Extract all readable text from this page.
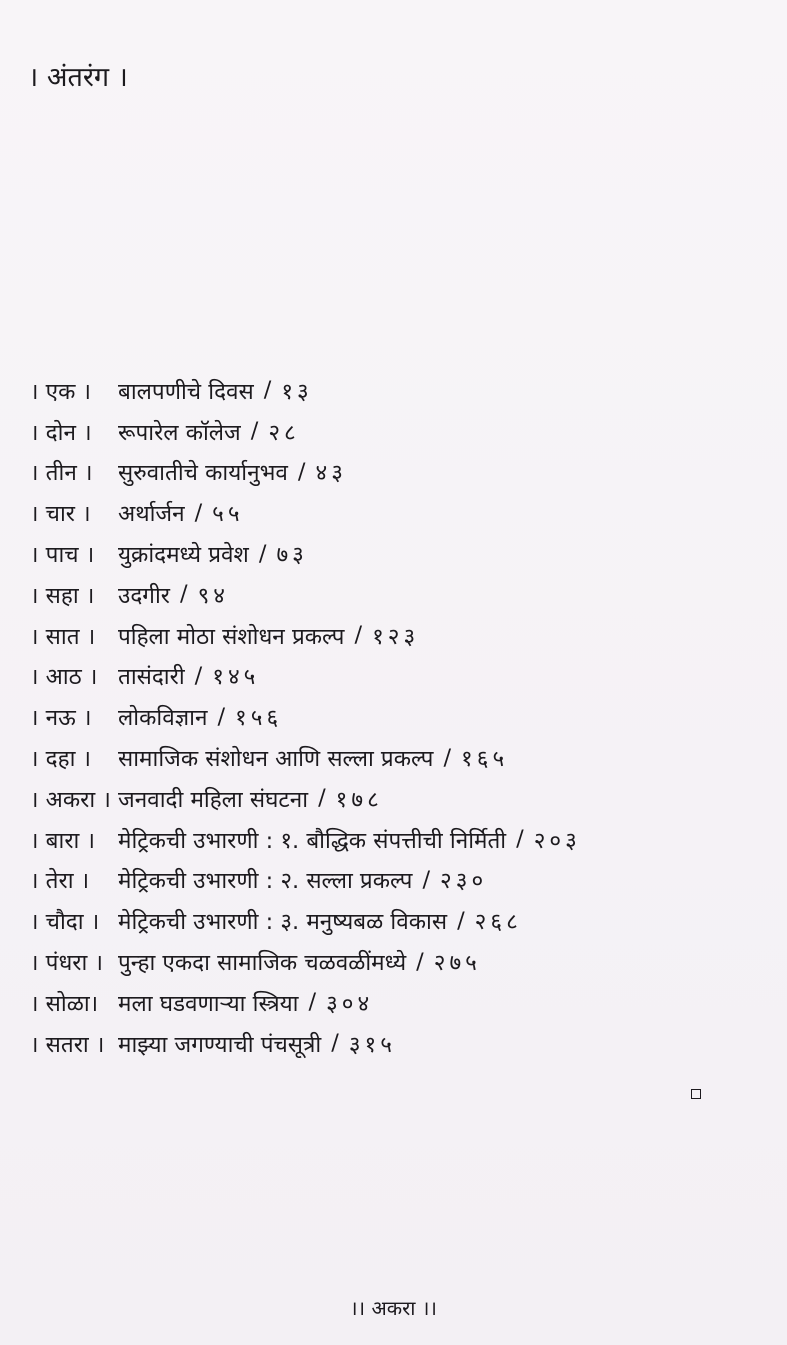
। अंतरंग ।
। एक ।	बालपणीचे दिवस / १३
। दोन ।	रूपारेल कॉलेज / २८
। तीन ।	सुरुवातीचे कार्यानुभव / ४३
। चार ।	अर्थार्जन / ५५
। पाच ।	युक्रांदमध्ये प्रवेश / ७३
। सहा ।	उदगीर / ९४
। सात ।	पहिला मोठा संशोधन प्रकल्प / १२३
। आठ । तासंदारी / १४५
। नऊ ।	लोकविज्ञान / १५६
। दहा ।	सामाजिक संशोधन आणि सल्ला प्रकल्प / १६५
। अकरा । जनवादी महिला संघटना / १७८
। बारा ।	मेट्रिकची उभारणी : १. बौद्धिक संपत्तीची निर्मिती / २०३
। तेरा ।	मेट्रिकची उभारणी : २. सल्ला प्रकल्प / २३०
। चौदा । मेट्रिकची उभारणी : ३. मनुष्यबळ विकास / २६८
। पंधरा । पुन्हा एकदा सामाजिक चळवळींमध्ये / २७५
। सोळा। मला घडवणाऱ्या स्त्रिया / ३०४
। सतरा । माझ्या जगण्याची पंचसूत्री / ३१५
।। अकरा ।।
